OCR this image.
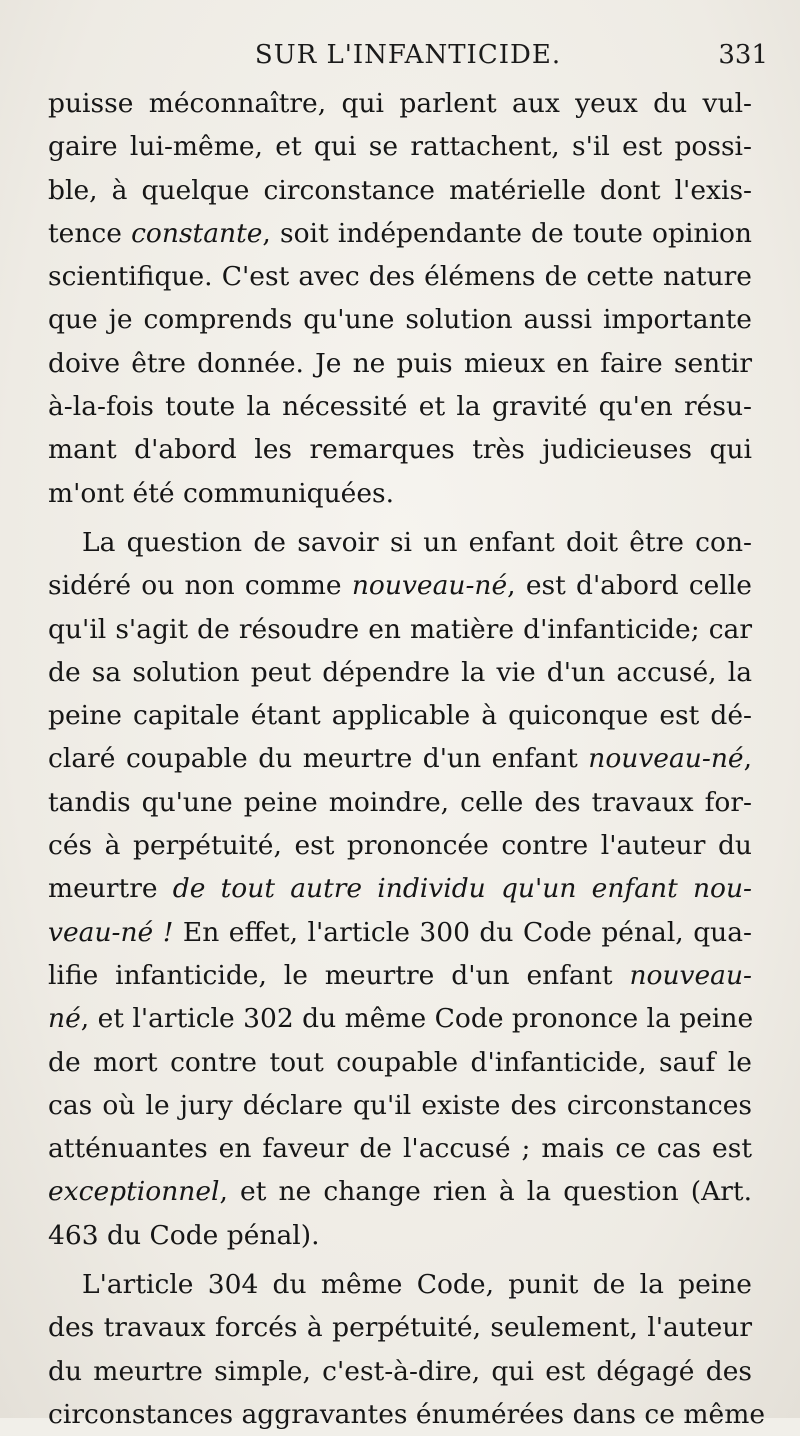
SUR L'INFANTICIDE.	331
puisse méconnaître, qui parlent aux yeux du vul-
gaire lui-même, et qui se rattachent, s'il est possi-
ble, à quelque circonstance matérielle dont l'exis-
tence constante, soit indépendante de toute opinion
scientifique. C'est avec des élémens de cette nature
que je comprends qu'une solution aussi importante
doive être donnée. Je ne puis mieux en faire sentir
à-la-fois toute la nécessité et la gravité qu'en résu-
mant d'abord les remarques très judicieuses qui
m'ont été communiquées.
La question de savoir si un enfant doit être con-
sidéré ou non comme nouveau-né, est d'abord celle
qu'il s'agit de résoudre en matière d'infanticide; car
de sa solution peut dépendre la vie d'un accusé, la
peine capitale étant applicable à quiconque est dé-
claré coupable du meurtre d'un enfant nouveau-né,
tandis qu'une peine moindre, celle des travaux for-
cés à perpétuité, est prononcée contre l'auteur du
meurtre de tout autre individu qu'un enfant nou-
veau-né ! En effet, l'article 300 du Code pénal, qua-
lifie infanticide, le meurtre d'un enfant nouveau-
né, et l'article 302 du même Code prononce la peine
de mort contre tout coupable d'infanticide, sauf le
cas où le jury déclare qu'il existe des circonstances
atténuantes en faveur de l'accusé ; mais ce cas est
exceptionnel, et ne change rien à la question (Art.
463 du Code pénal).
L'article 304 du même Code, punit de la peine
des travaux forcés à perpétuité, seulement, l'auteur
du meurtre simple, c'est-à-dire, qui est dégagé des
circonstances aggravantes énumérées dans ce même
